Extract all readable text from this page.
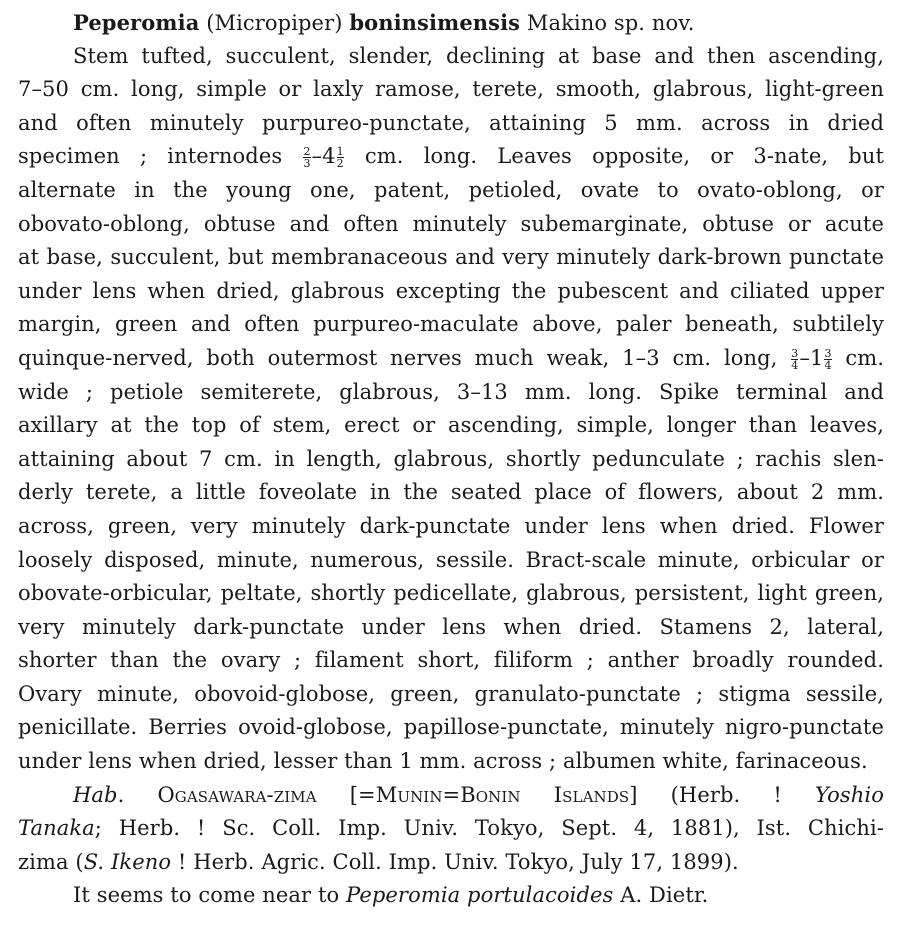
Peperomia (Micropiper) boninsimensis Makino sp. nov.
Stem tufted, succulent, slender, declining at base and then ascending,
7–50 cm. long, simple or laxly ramose, terete, smooth, glabrous, light-green
and often minutely purpureo-punctate, attaining 5 mm. across in dried
specimen ; internodes $\frac{2}{3} -4 \frac{1}{2}$ cm. long. Leaves opposite, or 3-nate, but
alternate in the young one, patent, petioled, ovate to ovato-oblong, or
obovato-oblong, obtuse and often minutely subemarginate, obtuse or acute
at base, succulent, but membranaceous and very minutely dark-brown punctate
under lens when dried, glabrous excepting the pubescent and ciliated upper
margin, green and often purpureo-maculate above, paler beneath, subtilely
quinque-nerved, both outermost nerves much weak, 1–3 cm. long, $\frac{3}{4} -1 \frac{3}{4}$ cm.
wide ; petiole semiterete, glabrous, 3–13 mm. long. Spike terminal and
axillary at the top of stem, erect or ascending, simple, longer than leaves,
attaining about 7 cm. in length, glabrous, shortly pedunculate ; rachis slen-
derly terete, a little foveolate in the seated place of flowers, about 2 mm.
across, green, very minutely dark-punctate under lens when dried. Flower
loosely disposed, minute, numerous, sessile. Bract-scale minute, orbicular or
obovate-orbicular, peltate, shortly pedicellate, glabrous, persistent, light green,
very minutely dark-punctate under lens when dried. Stamens 2, lateral,
shorter than the ovary ; filament short, filiform ; anther broadly rounded.
Ovary minute, obovoid-globose, green, granulato-punctate ; stigma sessile,
penicillate. Berries ovoid-globose, papillose-punctate, minutely nigro-punctate
under lens when dried, lesser than 1 mm. across ; albumen white, farinaceous.
Hab. Ogasawara-zima [=Munin=Bonin Islands] (Herb. ! Yoshio
Tanaka; Herb. ! Sc. Coll. Imp. Univ. Tokyo, Sept. 4, 1881), Ist. Chichi-
zima (S. Ikeno ! Herb. Agric. Coll. Imp. Univ. Tokyo, July 17, 1899).
It seems to come near to Peperomia portulacoides A. Dietr.
